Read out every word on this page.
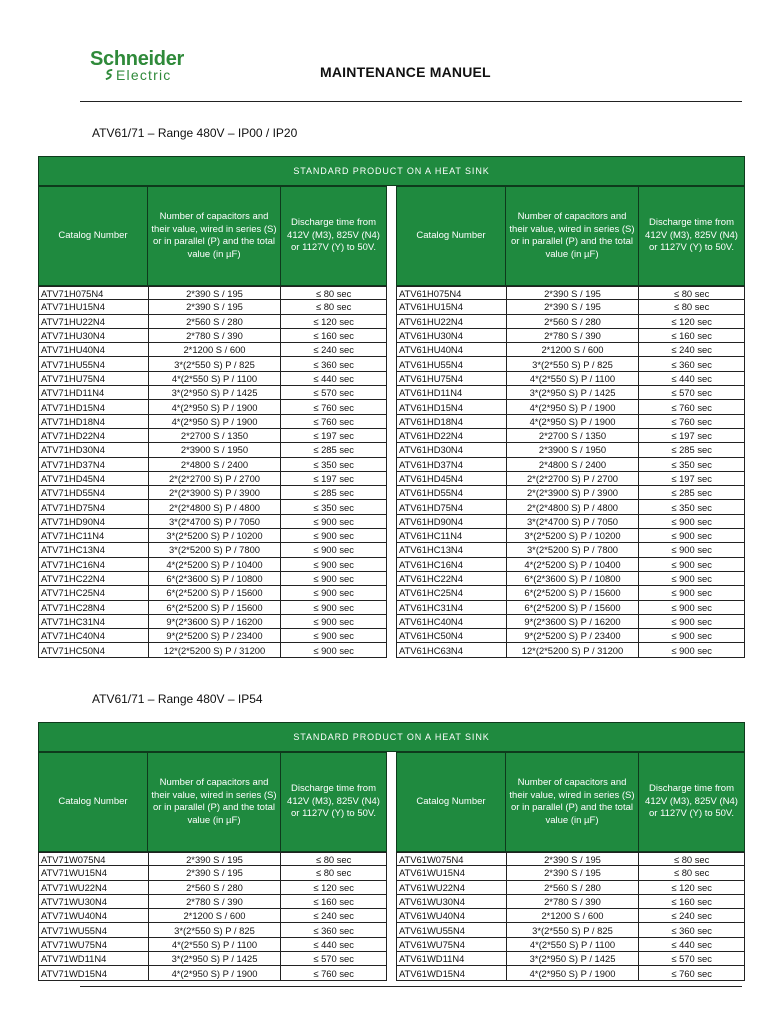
Schneider
Electric	MAINTENANCE MANUEL
ATV61/71 – Range 480V – IP00 / IP20
STANDARD PRODUCT ON A HEAT SINK
Catalog Number
Number of capacitors and their value, wired in series (S) or in parallel (P) and the total value (in µF)
Discharge time from 412V (M3), 825V (N4) or 1127V (Y) to 50V.
ATV71H075N4	2*390 S / 195	≤ 80 sec
ATV71HU15N4	2*390 S / 195	≤ 80 sec
ATV71HU22N4	2*560 S / 280	≤ 120 sec
ATV71HU30N4	2*780 S / 390	≤ 160 sec
ATV71HU40N4	2*1200 S / 600	≤ 240 sec
ATV71HU55N4	3*(2*550 S) P / 825	≤ 360 sec
ATV71HU75N4	4*(2*550 S) P / 1100	≤ 440 sec
ATV71HD11N4	3*(2*950 S) P / 1425	≤ 570 sec
ATV71HD15N4	4*(2*950 S) P / 1900	≤ 760 sec
ATV71HD18N4	4*(2*950 S) P / 1900	≤ 760 sec
ATV71HD22N4	2*2700 S / 1350	≤ 197 sec
ATV71HD30N4	2*3900 S / 1950	≤ 285 sec
ATV71HD37N4	2*4800 S / 2400	≤ 350 sec
ATV71HD45N4	2*(2*2700 S) P / 2700	≤ 197 sec
ATV71HD55N4	2*(2*3900 S) P / 3900	≤ 285 sec
ATV71HD75N4	2*(2*4800 S) P / 4800	≤ 350 sec
ATV71HD90N4	3*(2*4700 S) P / 7050	≤ 900 sec
ATV71HC11N4	3*(2*5200 S) P / 10200	≤ 900 sec
ATV71HC13N4	3*(2*5200 S) P / 7800	≤ 900 sec
ATV71HC16N4	4*(2*5200 S) P / 10400	≤ 900 sec
ATV71HC22N4	6*(2*3600 S) P / 10800	≤ 900 sec
ATV71HC25N4	6*(2*5200 S) P / 15600	≤ 900 sec
ATV71HC28N4	6*(2*5200 S) P / 15600	≤ 900 sec
ATV71HC31N4	9*(2*3600 S) P / 16200	≤ 900 sec
ATV71HC40N4	9*(2*5200 S) P / 23400	≤ 900 sec
ATV71HC50N4	12*(2*5200 S) P / 31200	≤ 900 sec
Catalog Number
Number of capacitors and their value, wired in series (S) or in parallel (P) and the total value (in µF)
Discharge time from 412V (M3), 825V (N4) or 1127V (Y) to 50V.
ATV61H075N4	2*390 S / 195	≤ 80 sec
ATV61HU15N4	2*390 S / 195	≤ 80 sec
ATV61HU22N4	2*560 S / 280	≤ 120 sec
ATV61HU30N4	2*780 S / 390	≤ 160 sec
ATV61HU40N4	2*1200 S / 600	≤ 240 sec
ATV61HU55N4	3*(2*550 S) P / 825	≤ 360 sec
ATV61HU75N4	4*(2*550 S) P / 1100	≤ 440 sec
ATV61HD11N4	3*(2*950 S) P / 1425	≤ 570 sec
ATV61HD15N4	4*(2*950 S) P / 1900	≤ 760 sec
ATV61HD18N4	4*(2*950 S) P / 1900	≤ 760 sec
ATV61HD22N4	2*2700 S / 1350	≤ 197 sec
ATV61HD30N4	2*3900 S / 1950	≤ 285 sec
ATV61HD37N4	2*4800 S / 2400	≤ 350 sec
ATV61HD45N4	2*(2*2700 S) P / 2700	≤ 197 sec
ATV61HD55N4	2*(2*3900 S) P / 3900	≤ 285 sec
ATV61HD75N4	2*(2*4800 S) P / 4800	≤ 350 sec
ATV61HD90N4	3*(2*4700 S) P / 7050	≤ 900 sec
ATV61HC11N4	3*(2*5200 S) P / 10200	≤ 900 sec
ATV61HC13N4	3*(2*5200 S) P / 7800	≤ 900 sec
ATV61HC16N4	4*(2*5200 S) P / 10400	≤ 900 sec
ATV61HC22N4	6*(2*3600 S) P / 10800	≤ 900 sec
ATV61HC25N4	6*(2*5200 S) P / 15600	≤ 900 sec
ATV61HC31N4	6*(2*5200 S) P / 15600	≤ 900 sec
ATV61HC40N4	9*(2*3600 S) P / 16200	≤ 900 sec
ATV61HC50N4	9*(2*5200 S) P / 23400	≤ 900 sec
ATV61HC63N4	12*(2*5200 S) P / 31200	≤ 900 sec
ATV61/71 – Range 480V – IP54
STANDARD PRODUCT ON A HEAT SINK
Catalog Number
Number of capacitors and their value, wired in series (S) or in parallel (P) and the total value (in µF)
Discharge time from 412V (M3), 825V (N4) or 1127V (Y) to 50V.
ATV71W075N4	2*390 S / 195	≤ 80 sec
ATV71WU15N4	2*390 S / 195	≤ 80 sec
ATV71WU22N4	2*560 S / 280	≤ 120 sec
ATV71WU30N4	2*780 S / 390	≤ 160 sec
ATV71WU40N4	2*1200 S / 600	≤ 240 sec
ATV71WU55N4	3*(2*550 S) P / 825	≤ 360 sec
ATV71WU75N4	4*(2*550 S) P / 1100	≤ 440 sec
ATV71WD11N4	3*(2*950 S) P / 1425	≤ 570 sec
ATV71WD15N4	4*(2*950 S) P / 1900	≤ 760 sec
Catalog Number
Number of capacitors and their value, wired in series (S) or in parallel (P) and the total value (in µF)
Discharge time from 412V (M3), 825V (N4) or 1127V (Y) to 50V.
ATV61W075N4	2*390 S / 195	≤ 80 sec
ATV61WU15N4	2*390 S / 195	≤ 80 sec
ATV61WU22N4	2*560 S / 280	≤ 120 sec
ATV61WU30N4	2*780 S / 390	≤ 160 sec
ATV61WU40N4	2*1200 S / 600	≤ 240 sec
ATV61WU55N4	3*(2*550 S) P / 825	≤ 360 sec
ATV61WU75N4	4*(2*550 S) P / 1100	≤ 440 sec
ATV61WD11N4	3*(2*950 S) P / 1425	≤ 570 sec
ATV61WD15N4	4*(2*950 S) P / 1900	≤ 760 sec
